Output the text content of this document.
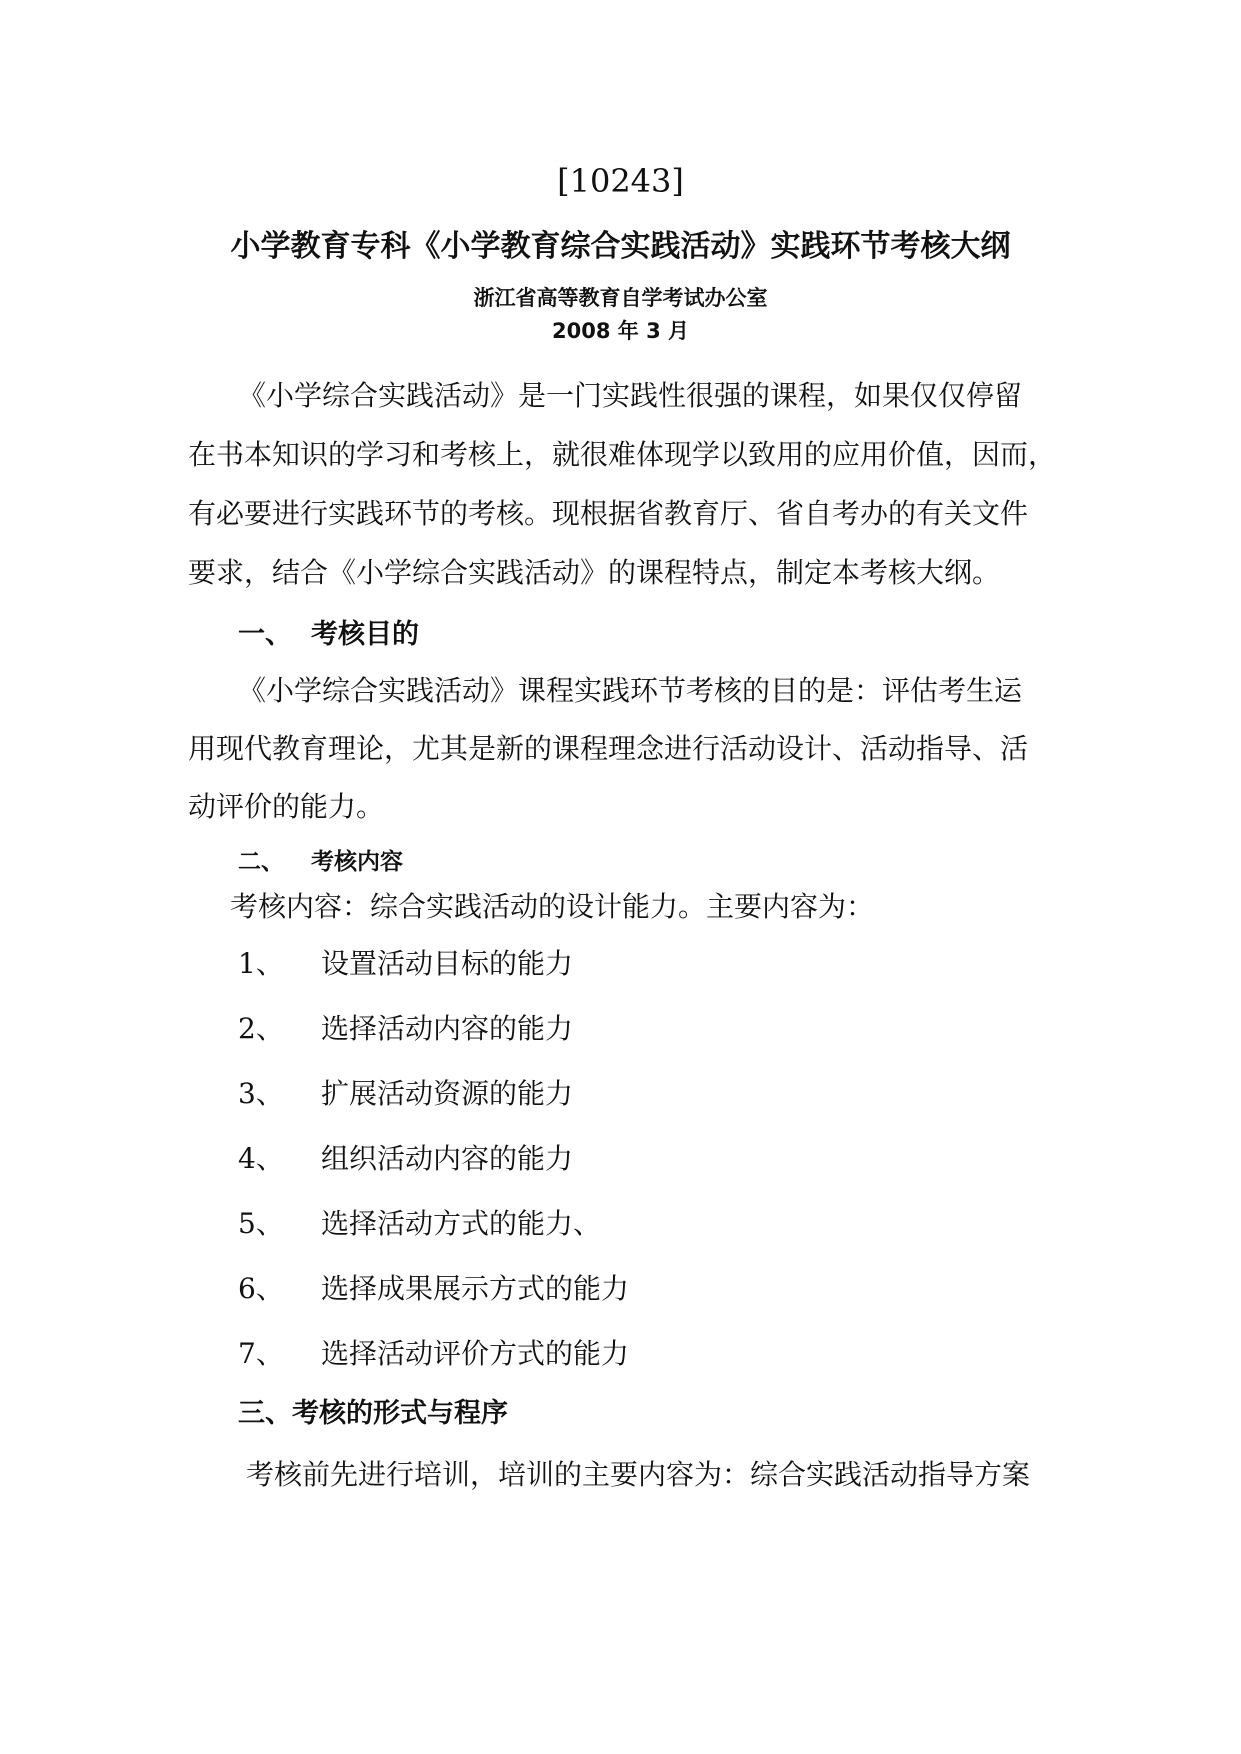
[10243]
小学教育专科《小学教育综合实践活动》实践环节考核大纲
浙江省高等教育自学考试办公室
2008 年 3 月
《小学综合实践活动》是一门实践性很强的课程，如果仅仅停留
在书本知识的学习和考核上，就很难体现学以致用的应用价值，因而，
有必要进行实践环节的考核。现根据省教育厅、省自考办的有关文件
要求，结合《小学综合实践活动》的课程特点，制定本考核大纲。
一、 考核目的
《小学综合实践活动》课程实践环节考核的目的是：评估考生运
用现代教育理论，尤其是新的课程理念进行活动设计、活动指导、活
动评价的能力。
二、 考核内容
考核内容：综合实践活动的设计能力。主要内容为：
1、 设置活动目标的能力
2、 选择活动内容的能力
3、 扩展活动资源的能力
4、 组织活动内容的能力
5、 选择活动方式的能力、
6、 选择成果展示方式的能力
7、 选择活动评价方式的能力
三、考核的形式与程序
考核前先进行培训，培训的主要内容为：综合实践活动指导方案
